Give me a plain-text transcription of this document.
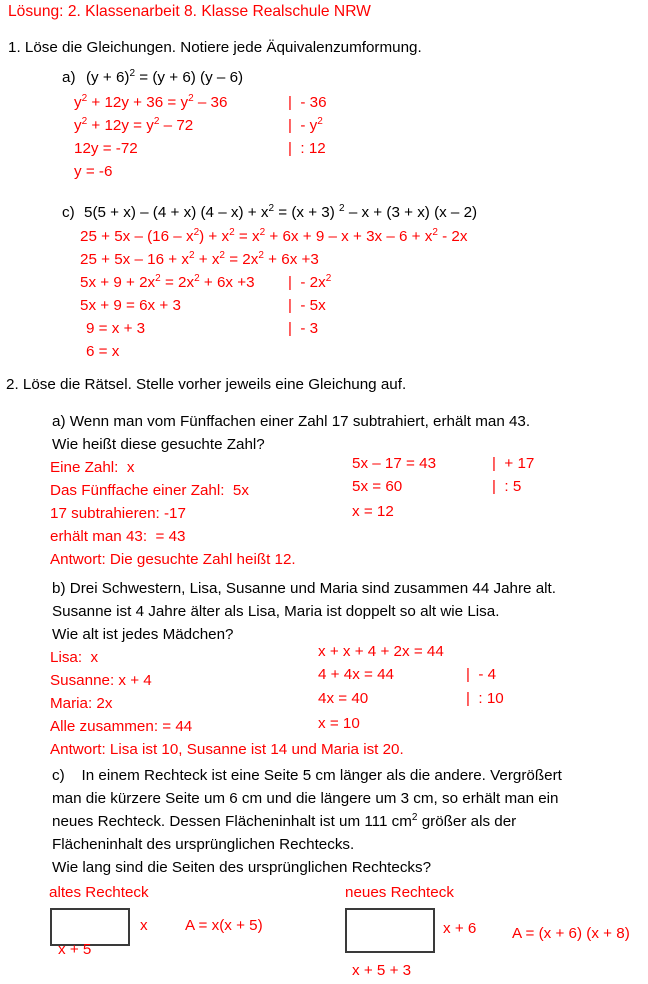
Lösung: 2. Klassenarbeit 8. Klasse Realschule NRW
1. Löse die Gleichungen. Notiere jede Äquivalenzumformung.
a) $(y + 6)^2 = (y + 6)$ (y – 6)
$y^2 + 12y + 36 = y^2 - 36$	|  - 36
$y^2 + 12y = y^2 - 72$	|  - $y^2$
12y = -72	|  : 12
y = -6
c) 5(5 + x) – (4 + x) $(4 - x) + x^2 = (x + 3)$ $^2$ – x + (3 + x) (x – 2)
$25 + 5x - (16 - x^2) + x^2 = x^2 + 6x + 9 - x + 3x - 6 + x^2 - 2x$
$25 + 5x - 16 + x^2 + x^2 = 2x^2 + 6x +3$
$5x + 9 + 2x^2 = 2x^2 + 6x +3$ |  - $2x^2$
5x + 9 = 6x + 3	|  - 5x
9 = x + 3	|  - 3
6 = x
2. Löse die Rätsel. Stelle vorher jeweils eine Gleichung auf.
a) Wenn man vom Fünffachen einer Zahl 17 subtrahiert, erhält man 43.
Wie heißt diese gesuchte Zahl?
Eine Zahl:  x
Das Fünffache einer Zahl:  5x
17 subtrahieren: -17
erhält man 43:  = 43
Antwort: Die gesuchte Zahl heißt 12.
5x – 17 = 43	|  + 17
5x = 60	|  : 5
x = 12
b) Drei Schwestern, Lisa, Susanne und Maria sind zusammen 44 Jahre alt.
Susanne ist 4 Jahre älter als Lisa, Maria ist doppelt so alt wie Lisa.
Wie alt ist jedes Mädchen?
Lisa:  x
Susanne: x + 4
Maria: 2x
Alle zusammen: = 44
Antwort: Lisa ist 10, Susanne ist 14 und Maria ist 20.
x + x + 4 + 2x = 44
4 + 4x = 44	|  - 4
4x = 40	|  : 10
x = 10
c)    In einem Rechteck ist eine Seite 5 cm länger als die andere. Vergrößert
man die kürzere Seite um 6 cm und die längere um 3 cm, so erhält man ein
neues Rechteck. Dessen Flächeninhalt ist um 111 $cm^2$ größer als der
Flächeninhalt des ursprünglichen Rechtecks.
Wie lang sind die Seiten des ursprünglichen Rechtecks?
altes Rechteck
x
x + 5
A = x(x + 5)
neues Rechteck
x + 6
x + 5 + 3
A = (x + 6) (x + 8)
